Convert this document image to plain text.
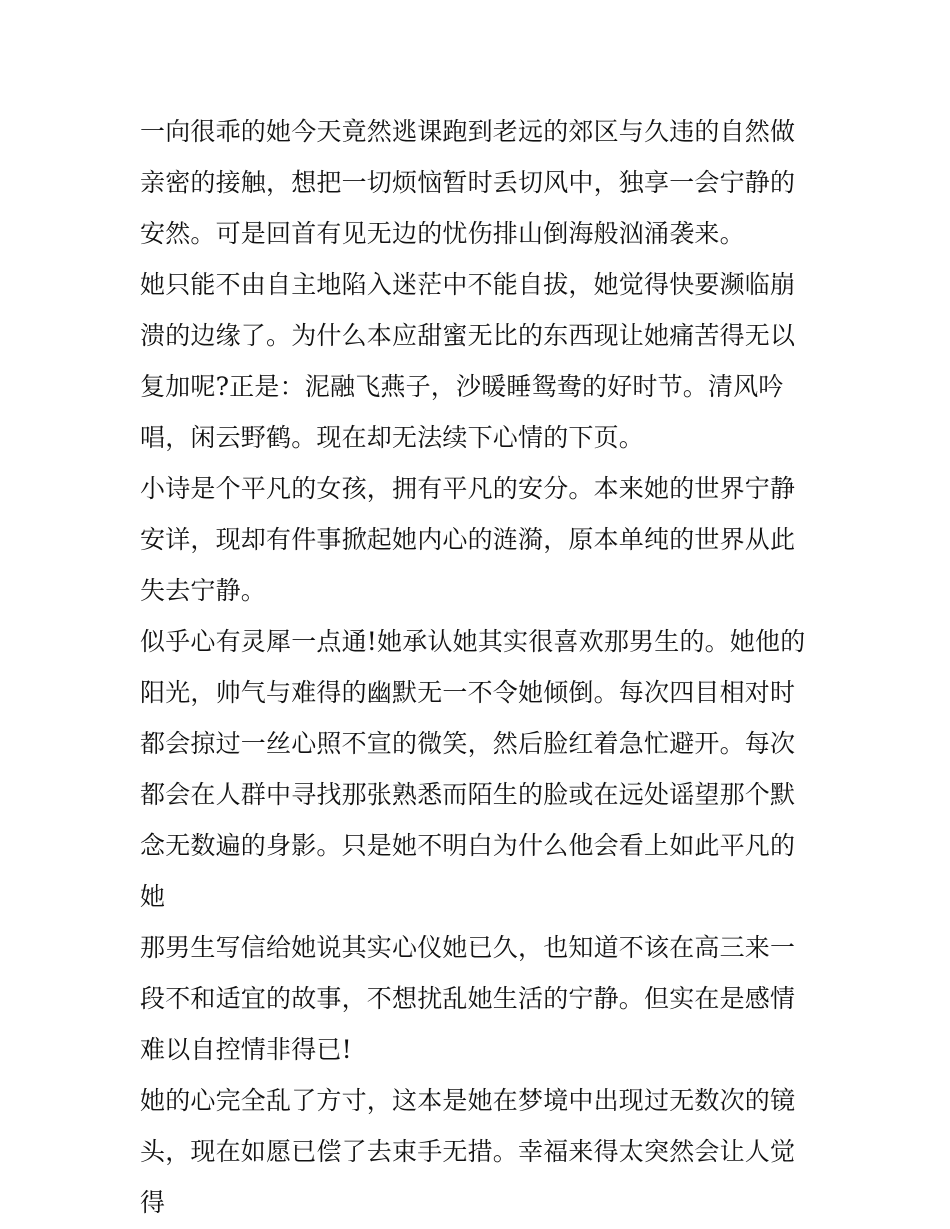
一向很乖的她今天竟然逃课跑到老远的郊区与久违的自然做亲密的接触，想把一切烦恼暂时丢切风中，独享一会宁静的安然。可是回首有见无边的忧伤排山倒海般汹涌袭来。

她只能不由自主地陷入迷茫中不能自拔，她觉得快要濒临崩溃的边缘了。为什么本应甜蜜无比的东西现让她痛苦得无以复加呢?正是：泥融飞燕子，沙暖睡鸳鸯的好时节。清风吟唱，闲云野鹤。现在却无法续下心情的下页。

小诗是个平凡的女孩，拥有平凡的安分。本来她的世界宁静安详，现却有件事掀起她内心的涟漪，原本单纯的世界从此失去宁静。

似乎心有灵犀一点通!她承认她其实很喜欢那男生的。她他的阳光，帅气与难得的幽默无一不令她倾倒。每次四目相对时都会掠过一丝心照不宣的微笑，然后脸红着急忙避开。每次都会在人群中寻找那张熟悉而陌生的脸或在远处谣望那个默念无数遍的身影。只是她不明白为什么他会看上如此平凡的她

那男生写信给她说其实心仪她已久，也知道不该在高三来一段不和适宜的故事，不想扰乱她生活的宁静。但实在是感情难以自控情非得已!

她的心完全乱了方寸，这本是她在梦境中出现过无数次的镜头，现在如愿已偿了去束手无措。幸福来得太突然会让人觉得
